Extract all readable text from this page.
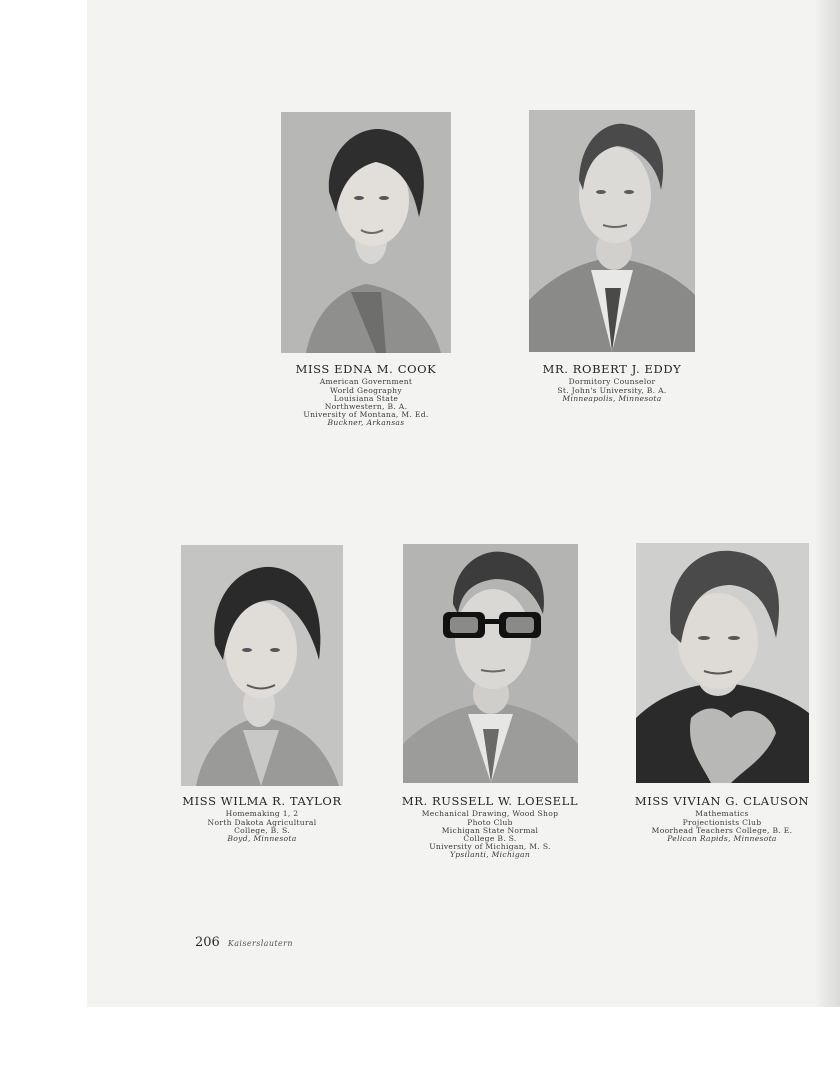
MISS EDNA M. COOK
American Government
World Geography
Louisiana State
Northwestern, B. A.
University of Montana, M. Ed.
Buckner, Arkansas
MR. ROBERT J. EDDY
Dormitory Counselor
St. John's University, B. A.
Minneapolis, Minnesota
MISS WILMA R. TAYLOR
Homemaking 1, 2
North Dakota Agricultural
College, B. S.
Boyd, Minnesota
MR. RUSSELL W. LOESELL
Mechanical Drawing, Wood Shop
Photo Club
Michigan State Normal
College B. S.
University of Michigan, M. S.
Ypsilanti, Michigan
MISS VIVIAN G. CLAUSON
Mathematics
Projectionists Club
Moorhead Teachers College, B. E.
Pelican Rapids, Minnesota
206 Kaiserslautern
